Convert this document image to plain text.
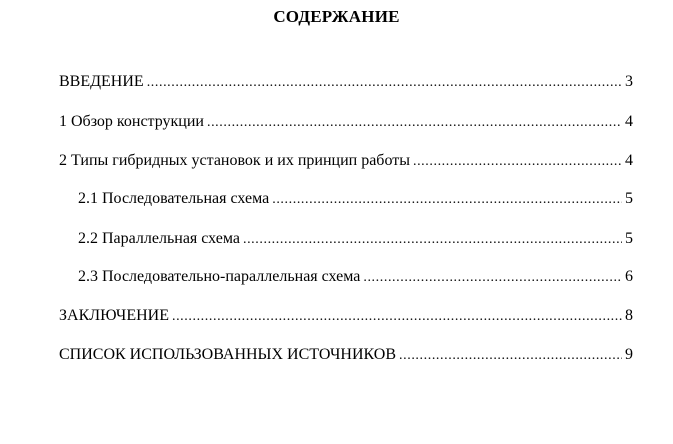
СОДЕРЖАНИЕ
ВВЕДЕНИЕ .....	3
1 Обзор конструкции .....	4
2 Типы гибридных установок и их принцип работы .....	4
2.1 Последовательная схема .....	5
2.2 Параллельная схема .....	5
2.3 Последовательно-параллельная схема .....	6
ЗАКЛЮЧЕНИЕ .....	8
СПИСОК ИСПОЛЬЗОВАННЫХ ИСТОЧНИКОВ .....	9
